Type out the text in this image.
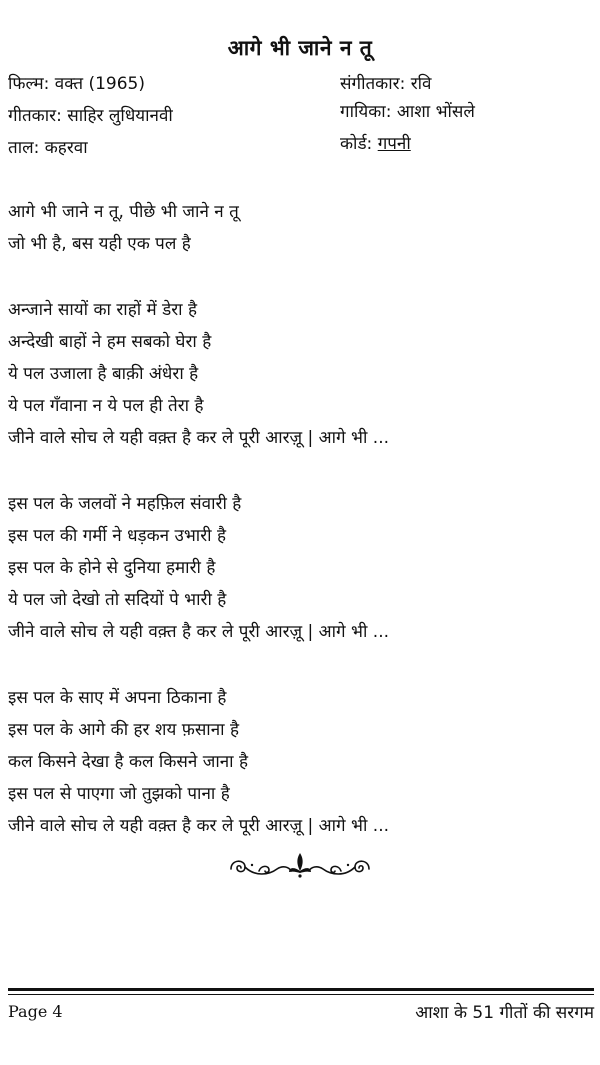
आगे भी जाने न तू
फिल्म: वक्त (1965)	संगीतकार: रवि
गीतकार: साहिर लुधियानवी	गायिका: आशा भोंसले
ताल: कहरवा	कोर्ड: गपनी
आगे भी जाने न तू, पीछे भी जाने न तू
जो भी है, बस यही एक पल है
अन्जाने सायों का राहों में डेरा है
अन्देखी बाहों ने हम सबको घेरा है
ये पल उजाला है बाक़ी अंधेरा है
ये पल गँवाना न ये पल ही तेरा है
जीने वाले सोच ले यही वक़्त है कर ले पूरी आरज़ू | आगे भी ...
इस पल के जलवों ने महफ़िल संवारी है
इस पल की गर्मी ने धड़कन उभारी है
इस पल के होने से दुनिया हमारी है
ये पल जो देखो तो सदियों पे भारी है
जीने वाले सोच ले यही वक़्त है कर ले पूरी आरज़ू | आगे भी ...
इस पल के साए में अपना ठिकाना है
इस पल के आगे की हर शय फ़साना है
कल किसने देखा है कल किसने जाना है
इस पल से पाएगा जो तुझको पाना है
जीने वाले सोच ले यही वक़्त है कर ले पूरी आरज़ू | आगे भी ...
Page 4	आशा के 51 गीतों की सरगम
